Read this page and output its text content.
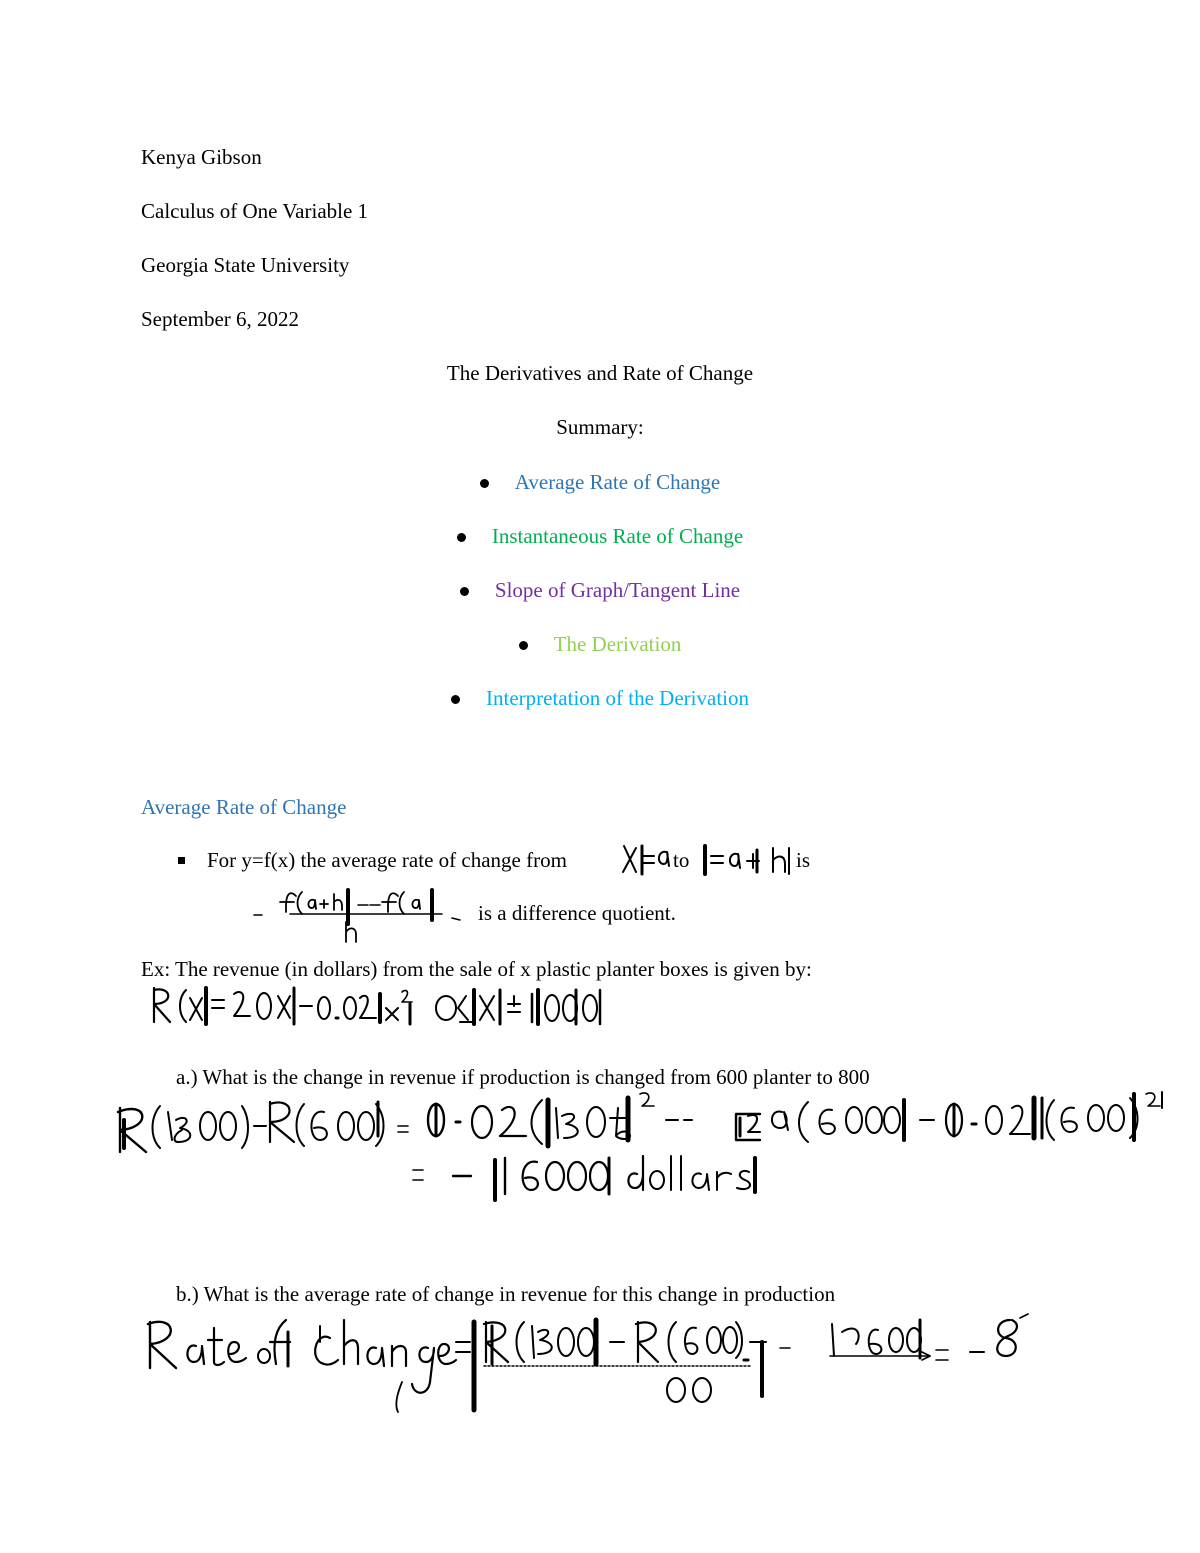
Kenya Gibson
Calculus of One Variable 1
Georgia State University
September 6, 2022
The Derivatives and Rate of Change
Summary:
Average Rate of Change
Instantaneous Rate of Change
Slope of Graph/Tangent Line
The Derivation
Interpretation of the Derivation
Average Rate of Change
For y=f(x) the average rate of change from	to	is
is a difference quotient.
Ex: The revenue (in dollars) from the sale of x plastic planter boxes is given by:
a.) What is the change in revenue if production is changed from 600 planter to 800
b.) What is the average rate of change in revenue for this change in production
